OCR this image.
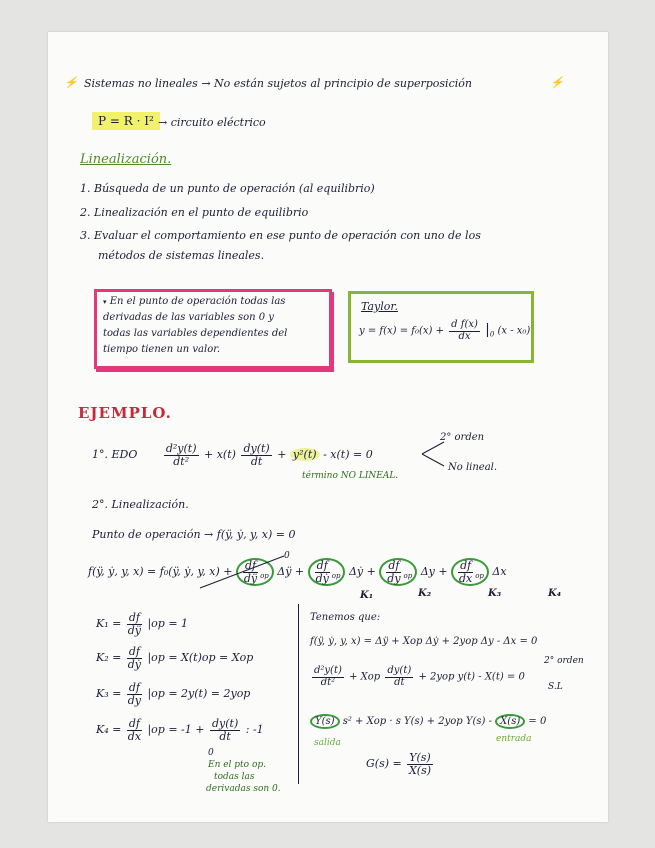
⚡ Sistemas no lineales → No están sujetos al principio de superposición	⚡
P = R · I² → circuito eléctrico
Linealización.
1. Búsqueda de un punto de operación (al equilibrio)
2. Linealización en el punto de equilibrio
3. Evaluar el comportamiento en ese punto de operación con uno de los
métodos de sistemas lineales.
▾ En el punto de operación todas las
derivadas de las variables son 0 y
todas las variables dependientes del
tiempo tienen un valor.
Taylor.
$y = f(x) = f_0(x) + \frac{\text{d f(x)}}{dx} |_0$ (x - x₀)
EJEMPLO.
1°. EDO $\frac{\text{d²y(t)}}{\text{dt²}} + x(t) \frac{dy(t)}{dt} + y^2(t) - x(t) = 0$
2° orden
No lineal.
término NO LINEAL.
2°. Linealización.
Punto de operación → f(ÿ, ẏ, y, x) = 0
f(ÿ, ẏ, y, x) = f₀(ÿ, ẏ, y, $x) + \frac{df}{dÿ} _{op}$ Δÿ + $\frac{df}{\text{dẏ}} _{op}$ Δẏ + $\frac{df}{dy} _{op}$ $\Delta y + \frac{df}{dx} _{op}$ Δx
0
K₁	K₂	K₃	K₄
$K_1 = \frac{df}{dÿ} |op = 1$
$K_2 = \frac{df}{\text{dẏ}} |op = X(t)op$ = Xop
$K_3 = \frac{df}{dy} |op = 2y(t) = 2yop$
$K_4 = \frac{df}{dx} |op = -1 + \frac{dy(t)}{dt}$ : -1
0
En el pto op.
todas las
derivadas son 0.
Tenemos que:
f(ÿ, ẏ, y, x) = Δÿ + Xop Δẏ + 2yop Δy - Δx = 0
$\frac{\text{d²y(t)}}{\text{dt²}}$ + Xop $\frac{dy(t)}{dt} + 2yop$ y(t) - X(t) = 0
2° orden
S.L
Y(s) s² + Xop · s Y(s) + 2yop Y(s) - X(s) = 0
salida	entrada
$G(s) = \frac{Y(s)}{X(s)}$
